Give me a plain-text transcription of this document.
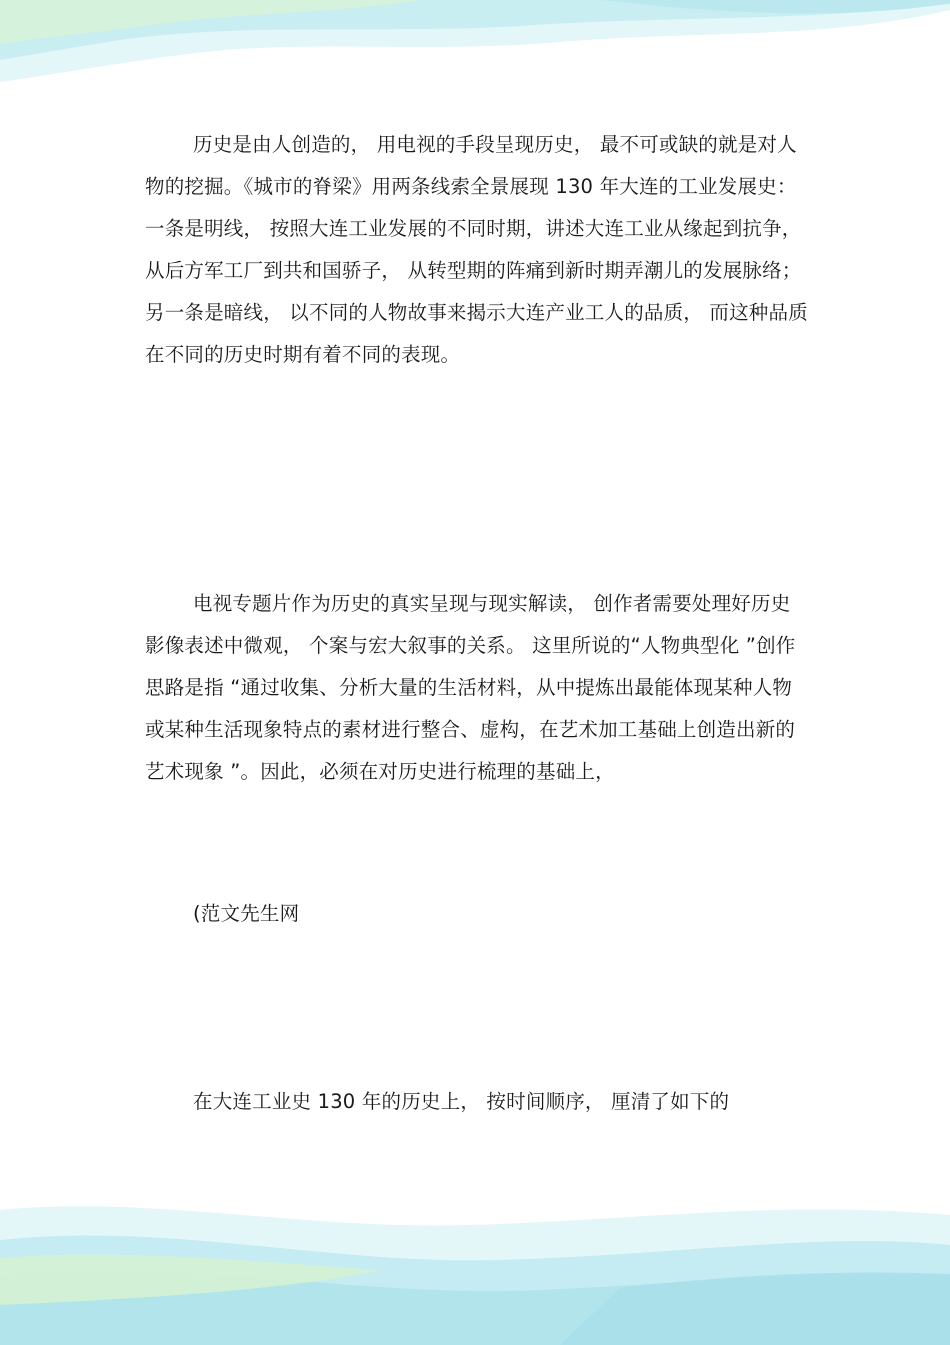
历史是由人创造的， 用电视的手段呈现历史， 最不可或缺的就是对人物的挖掘。《城市的脊梁》用两条线索全景展现 130 年大连的工业发展史： 一条是明线， 按照大连工业发展的不同时期，讲述大连工业从缘起到抗争， 从后方军工厂到共和国骄子， 从转型期的阵痛到新时期弄潮儿的发展脉络； 另一条是暗线， 以不同的人物故事来揭示大连产业工人的品质， 而这种品质在不同的历史时期有着不同的表现。

电视专题片作为历史的真实呈现与现实解读， 创作者需要处理好历史影像表述中微观， 个案与宏大叙事的关系。 这里所说的“人物典型化 ”创作思路是指 “通过收集、分析大量的生活材料，从中提炼出最能体现某种人物或某种生活现象特点的素材进行整合、虚构，在艺术加工基础上创造出新的艺术现象 ”。因此，必须在对历史进行梳理的基础上，

(范文先生网

在大连工业史 130 年的历史上， 按时间顺序， 厘清了如下的
